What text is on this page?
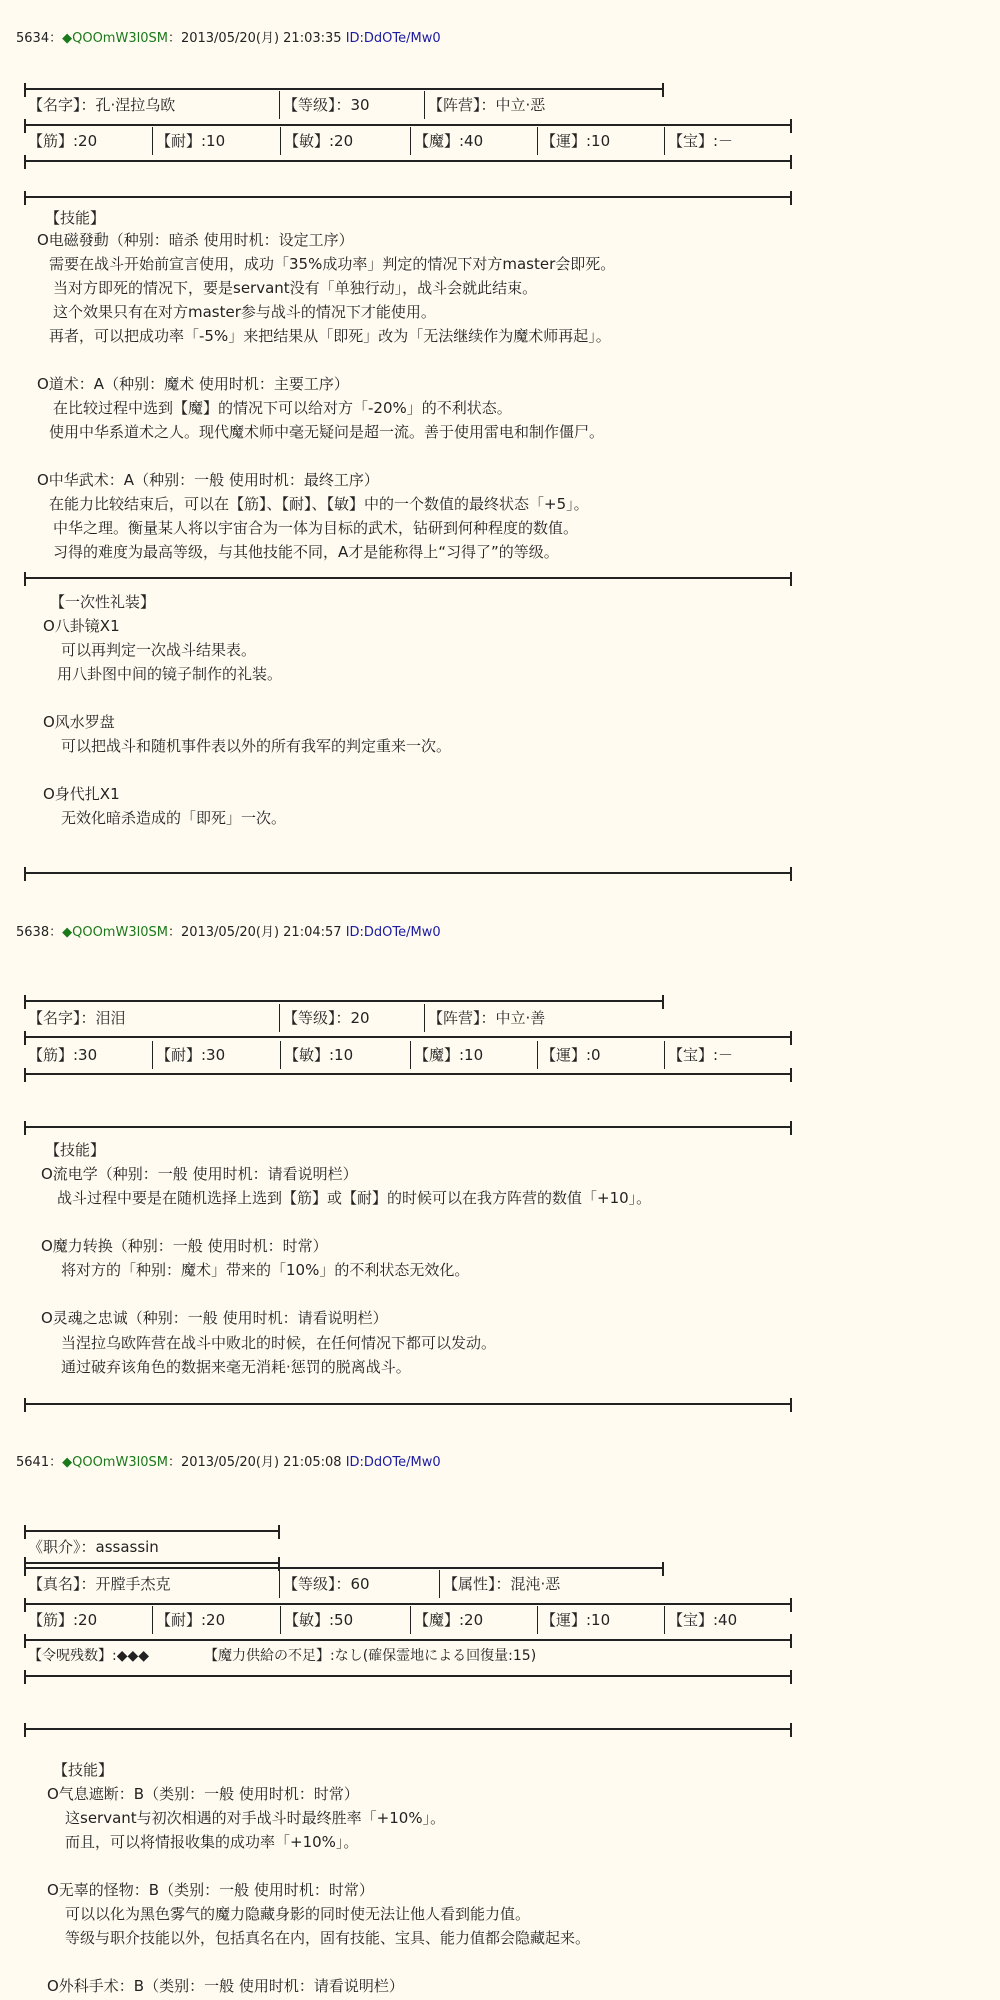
5634：◆QOOmW3l0SM：2013/05/20(月) 21:03:35 ID:DdOTe/Mw0
【名字】：孔·涅拉乌欧	【等级】：30	【阵营】：中立·恶
【筋】:20	【耐】:10	【敏】:20	【魔】:40	【運】:10	【宝】:－
【技能】
O电磁發動（种别：暗杀 使用时机：设定工序）
需要在战斗开始前宣言使用，成功「35%成功率」判定的情况下对方master会即死。
当对方即死的情况下，要是servant没有「单独行动」，战斗会就此结束。
这个效果只有在对方master参与战斗的情况下才能使用。
再者，可以把成功率「-5%」来把结果从「即死」改为「无法继续作为魔术师再起」。
O道术：A（种别：魔术 使用时机：主要工序）
在比较过程中选到【魔】的情况下可以给对方「-20%」的不利状态。
使用中华系道术之人。现代魔术师中毫无疑问是超一流。善于使用雷电和制作僵尸。
O中华武术：A（种别：一般 使用时机：最终工序）
在能力比较结束后，可以在【筋】、【耐】、【敏】中的一个数值的最终状态「+5」。
中华之理。衡量某人将以宇宙合为一体为目标的武术，钻研到何种程度的数值。
习得的难度为最高等级，与其他技能不同，A才是能称得上“习得了”的等级。
【一次性礼装】
O八卦镜X1
可以再判定一次战斗结果表。
用八卦图中间的镜子制作的礼装。
O风水罗盘
可以把战斗和随机事件表以外的所有我军的判定重来一次。
O身代扎X1
无效化暗杀造成的「即死」一次。
5638：◆QOOmW3l0SM：2013/05/20(月) 21:04:57 ID:DdOTe/Mw0
【名字】：泪泪	【等级】：20	【阵营】：中立·善
【筋】:30	【耐】:30	【敏】:10	【魔】:10	【運】:0	【宝】:－
【技能】
O流电学（种别：一般 使用时机：请看说明栏）
战斗过程中要是在随机选择上选到【筋】或【耐】的时候可以在我方阵营的数值「+10」。
O魔力转换（种别：一般 使用时机：时常）
将对方的「种别：魔术」带来的「10%」的不利状态无效化。
O灵魂之忠诚（种别：一般 使用时机：请看说明栏）
当涅拉乌欧阵营在战斗中败北的时候，在任何情况下都可以发动。
通过破弃该角色的数据来毫无消耗·惩罚的脱离战斗。
5641：◆QOOmW3l0SM：2013/05/20(月) 21:05:08 ID:DdOTe/Mw0
《职介》：assassin
【真名】：开膛手杰克	【等级】：60	【属性】：混沌·恶
【筋】:20	【耐】:20	【敏】:50	【魔】:20	【運】:10	【宝】:40
【令呪残数】:◆◆◆	【魔力供給の不足】:なし(確保霊地による回復量:15)
【技能】
O气息遮断：B（类别：一般 使用时机：时常）
这servant与初次相遇的对手战斗时最终胜率「+10%」。
而且，可以将情报收集的成功率「+10%」。
O无辜的怪物：B（类别：一般 使用时机：时常）
可以以化为黑色雾气的魔力隐藏身影的同时使无法让他人看到能力值。
等级与职介技能以外，包括真名在内，固有技能、宝具、能力值都会隐藏起来。
O外科手术：B（类别：一般 使用时机：请看说明栏）
